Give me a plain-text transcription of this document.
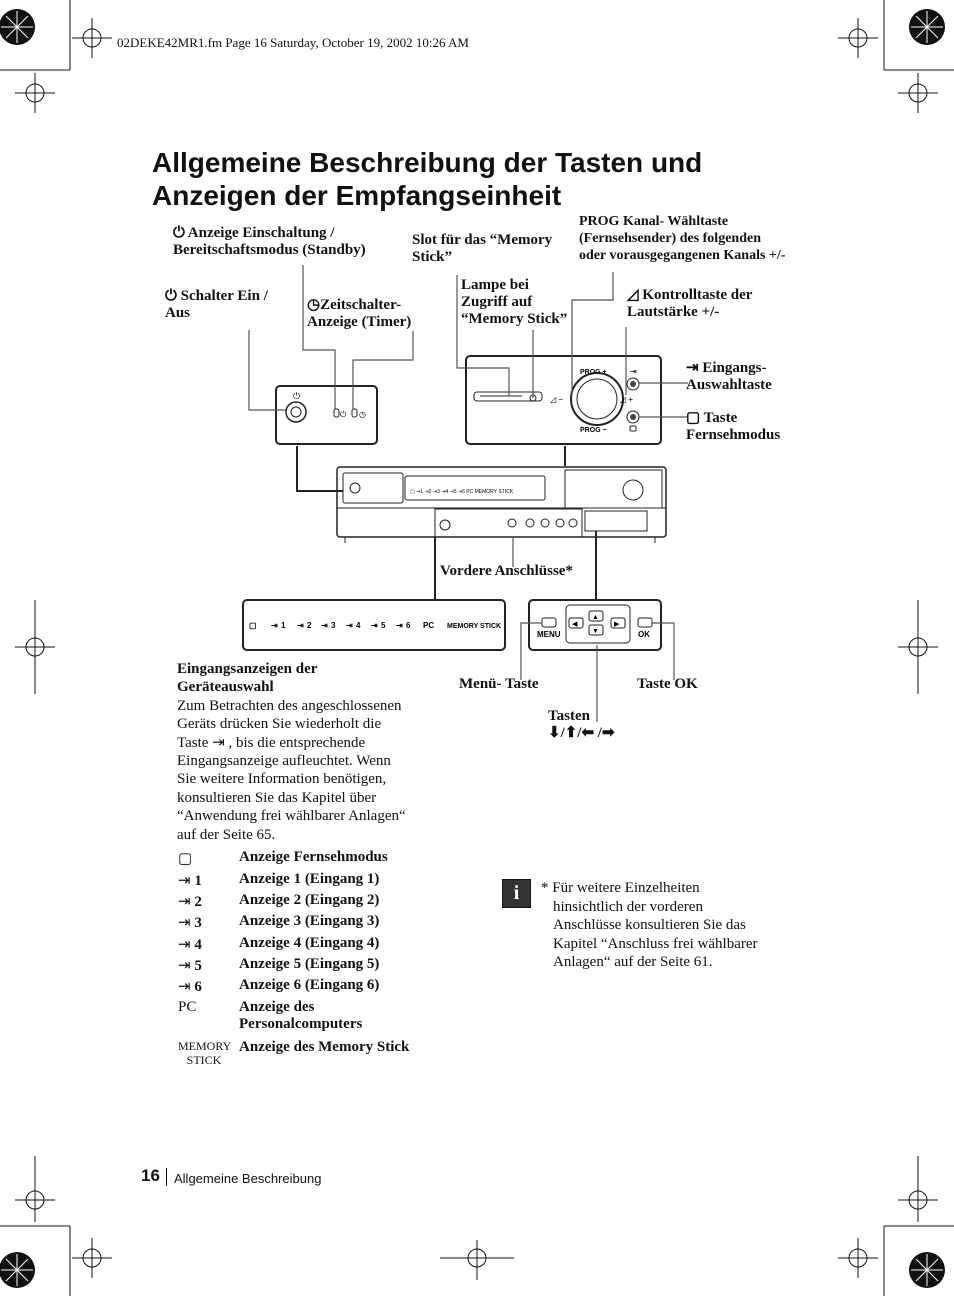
02DEKE42MR1.fm Page 16 Saturday, October 19, 2002 10:26 AM
Allgemeine Beschreibung der Tasten und
Anzeigen der Empfangseinheit
⏻
⏻ ◷
PROG +
PROG −
◿ −	◿ +
⇥
▢ ⇥1 ⇥2 ⇥3 ⇥4 ⇥5 ⇥6 PC MEMORY STICK
▢ ⇥ 1 ⇥ 2 ⇥ 3 ⇥ 4 ⇥ 5 ⇥ 6 PC MEMORY STICK
MENU	OK
▲
▼
◀	▶
⏻ Anzeige Einschaltung /
Bereitschaftsmodus (Standby)
Slot für das “Memory
Stick”
PROG Kanal- Wähltaste
(Fernsehsender) des folgenden
oder vorausgegangenen Kanals +/-
⏻ Schalter Ein /
Aus	◷Zeitschalter-
Anzeige (Timer)
Lampe bei
Zugriff auf
“Memory Stick”
◿ Kontrolltaste der
Lautstärke +/-
⇥ Eingangs-
Auswahltaste
▢ Taste
Fernsehmodus
Vordere Anschlüsse*
Menü- Taste	Taste OK
Tasten
⬇/⬆/⬅ /➡
Eingangsanzeigen der
Geräteauswahl
Zum Betrachten des angeschlossenen
Geräts drücken Sie wiederholt die
Taste ⇥ , bis die entsprechende
Eingangsanzeige aufleuchtet. Wenn
Sie weitere Information benötigen,
konsultieren Sie das Kapitel über
“Anwendung frei wählbarer Anlagen“
auf der Seite 65.
▢	Anzeige Fernsehmodus
⇥ 1	Anzeige 1 (Eingang 1)
⇥ 2	Anzeige 2 (Eingang 2)
⇥ 3	Anzeige 3 (Eingang 3)
⇥ 4	Anzeige 4 (Eingang 4)
⇥ 5	Anzeige 5 (Eingang 5)
⇥ 6	Anzeige 6 (Eingang 6)
PC	Anzeige des
Personalcomputers
MEMORY
STICK
Anzeige des Memory Stick
i	* Für weitere Einzelheiten
hinsichtlich der vorderen
Anschlüsse konsultieren Sie das
Kapitel “Anschluss frei wählbarer
Anlagen“ auf der Seite 61.
16 Allgemeine Beschreibung
